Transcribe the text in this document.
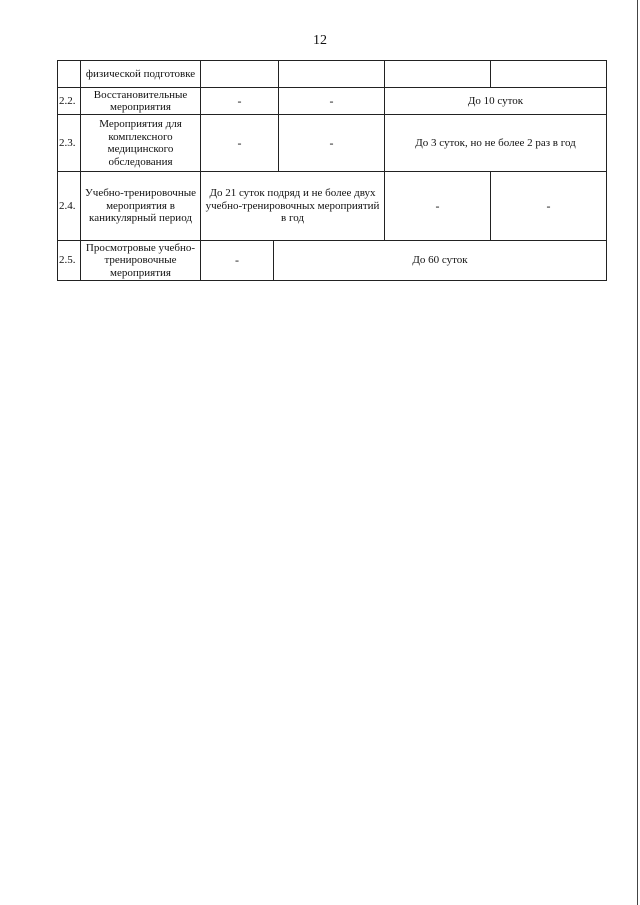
12
	физической подготовке					
2.2.	Восстановительные мероприятия	-		-	До 10 суток	
2.3.	Мероприятия для комплексного медицинского обследования	-		-	До 3 суток, но не более 2 раз в год	
2.4.	Учебно-тренировочные мероприятия в каникулярный период	До 21 суток подряд и не более двух учебно-тренировочных мероприятий в год			-	-
2.5.	Просмотровые учебно-тренировочные мероприятия	-	До 60 суток			
